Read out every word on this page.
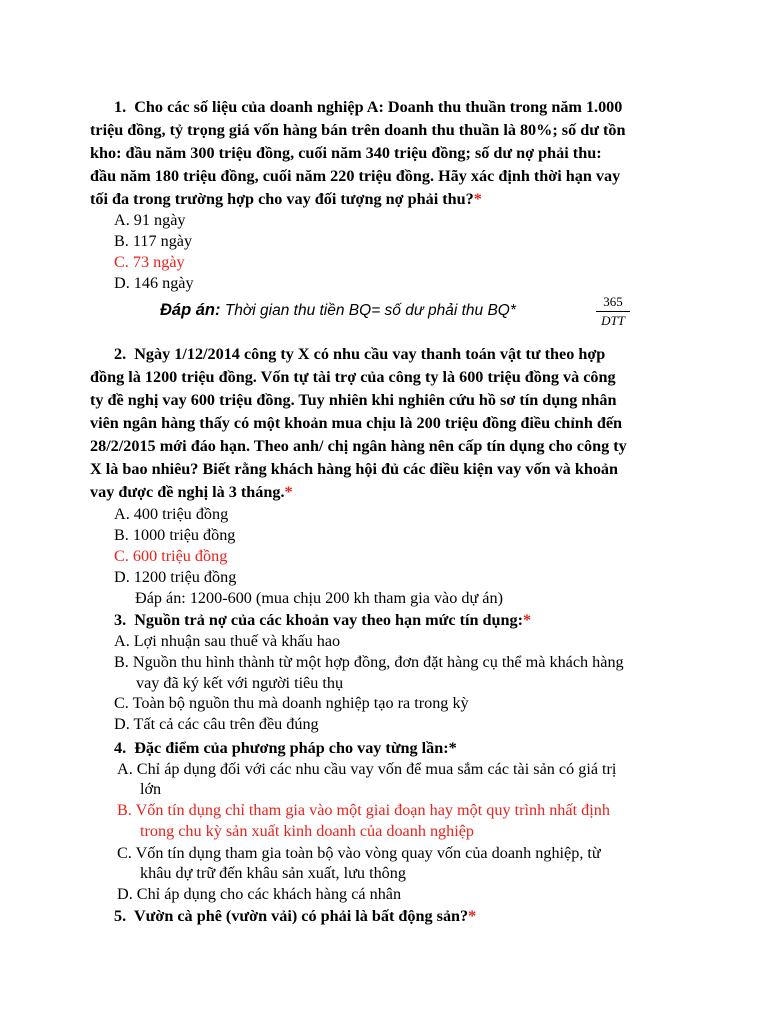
1. Cho các số liệu của doanh nghiệp A: Doanh thu thuần trong năm 1.000
triệu đồng, tỷ trọng giá vốn hàng bán trên doanh thu thuần là 80%; số dư tồn
kho: đầu năm 300 triệu đồng, cuối năm 340 triệu đồng; số dư nợ phải thu:
đầu năm 180 triệu đồng, cuối năm 220 triệu đồng. Hãy xác định thời hạn vay
tối đa trong trường hợp cho vay đối tượng nợ phải thu?*
A. 91 ngày
B. 117 ngày
C. 73 ngày
D. 146 ngày
Đáp án: Thời gian thu tiền BQ= số dư phải thu BQ*
365
DTT
2. Ngày 1/12/2014 công ty X có nhu cầu vay thanh toán vật tư theo hợp
đồng là 1200 triệu đồng. Vốn tự tài trợ của công ty là 600 triệu đồng và công
ty đề nghị vay 600 triệu đồng. Tuy nhiên khi nghiên cứu hồ sơ tín dụng nhân
viên ngân hàng thấy có một khoản mua chịu là 200 triệu đồng điều chỉnh đến
28/2/2015 mới đáo hạn. Theo anh/ chị ngân hàng nên cấp tín dụng cho công ty
X là bao nhiêu? Biết rằng khách hàng hội đủ các điều kiện vay vốn và khoản
vay được đề nghị là 3 tháng.*
A. 400 triệu đồng
B. 1000 triệu đồng
C. 600 triệu đồng
D. 1200 triệu đồng
Đáp án: 1200-600 (mua chịu 200 kh tham gia vào dự án)
3. Nguồn trả nợ của các khoản vay theo hạn mức tín dụng:*
A. Lợi nhuận sau thuế và khấu hao
B. Nguồn thu hình thành từ một hợp đồng, đơn đặt hàng cụ thể mà khách hàng
vay đã ký kết với người tiêu thụ
C. Toàn bộ nguồn thu mà doanh nghiệp tạo ra trong kỳ
D. Tất cả các câu trên đều đúng
4. Đặc điểm của phương pháp cho vay từng lần:*
A. Chỉ áp dụng đối với các nhu cầu vay vốn để mua sắm các tài sản có giá trị
lớn
B. Vốn tín dụng chỉ tham gia vào một giai đoạn hay một quy trình nhất định
trong chu kỳ sản xuất kinh doanh của doanh nghiệp
C. Vốn tín dụng tham gia toàn bộ vào vòng quay vốn của doanh nghiệp, từ
khâu dự trữ đến khâu sản xuất, lưu thông
D. Chỉ áp dụng cho các khách hàng cá nhân
5. Vườn cà phê (vườn vải) có phải là bất động sản?*
